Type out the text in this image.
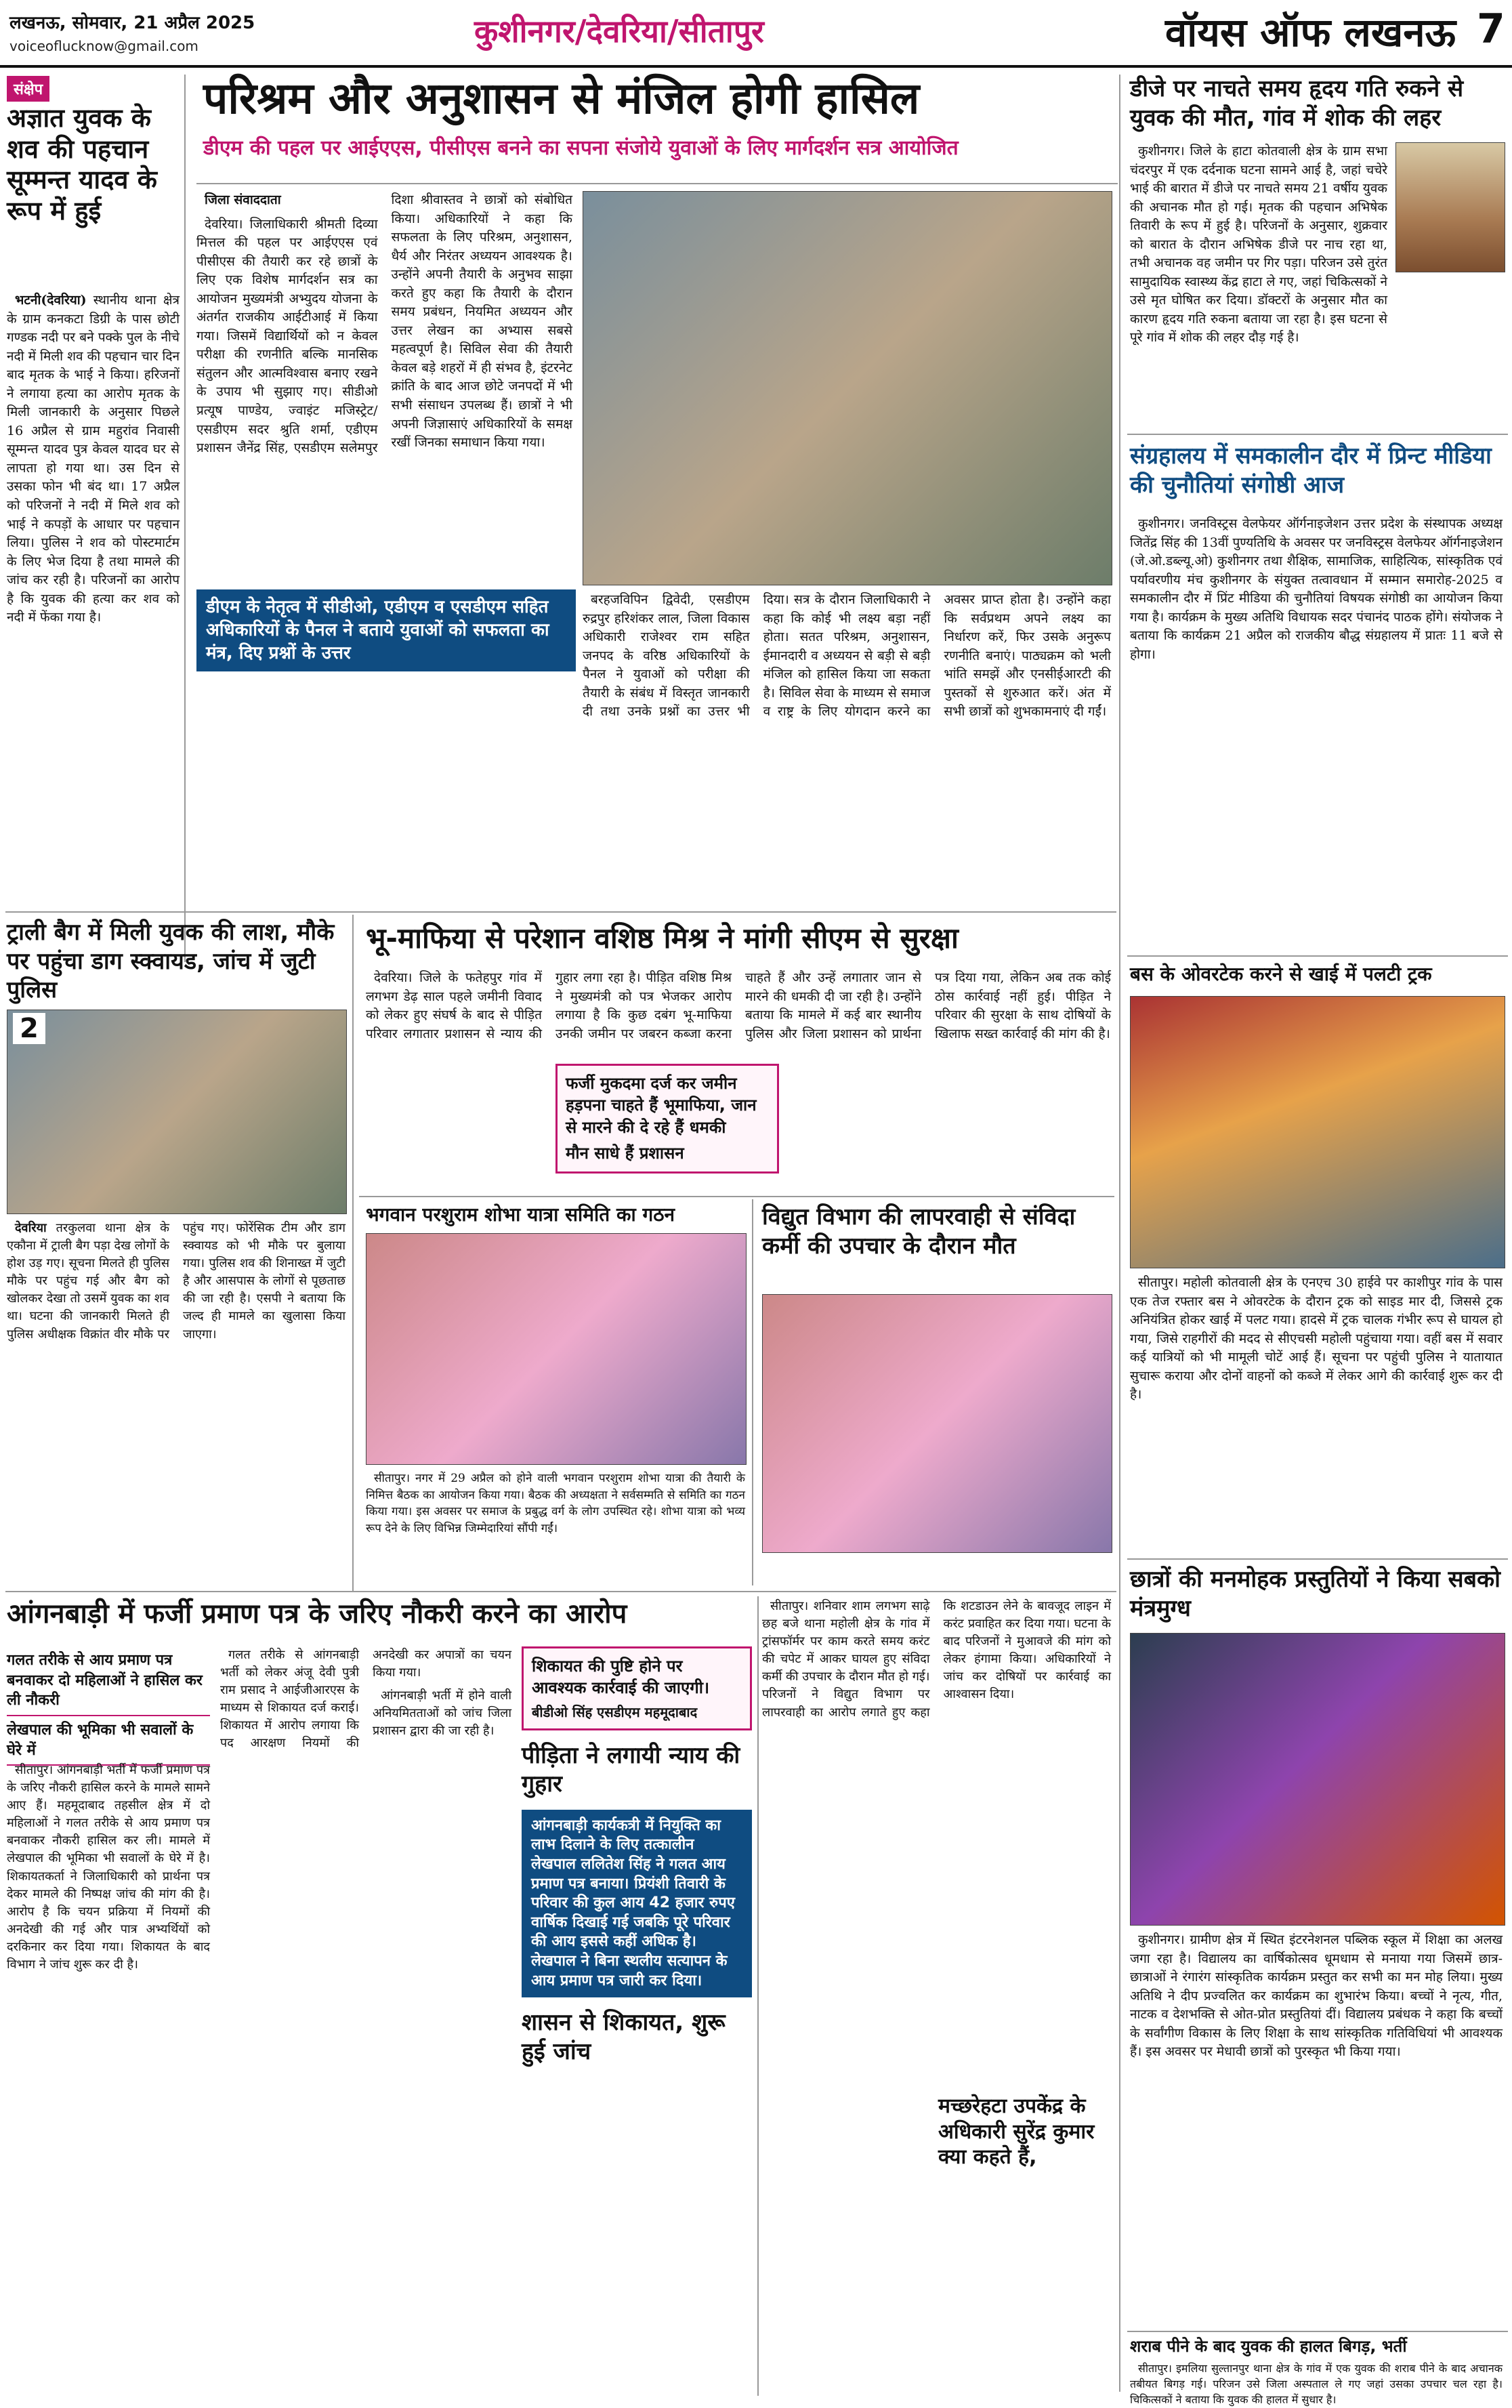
लखनऊ, सोमवार, 21 अप्रैल 2025
voiceoflucknow@gmail.com	कुशीनगर/देवरिया/सीतापुर	वॉयस ऑफ लखनऊ 7
संक्षेप
अज्ञात युवक के शव की पहचान सूम्मन्त यादव के रूप में हुई

भटनी(देवरिया) स्थानीय थाना क्षेत्र के ग्राम कनकटा डिग्री के पास छोटी गण्डक नदी पर बने पक्के पुल के नीचे नदी में मिली शव की पहचान चार दिन बाद मृतक के भाई ने किया। हरिजनों ने लगाया हत्या का आरोप मृतक के मिली जानकारी के अनुसार पिछले 16 अप्रैल से ग्राम महुरांव निवासी सूम्मन्त यादव पुत्र केवल यादव घर से लापता हो गया था। उस दिन से उसका फोन भी बंद था। 17 अप्रैल को परिजनों ने नदी में मिले शव को भाई ने कपड़ों के आधार पर पहचान लिया। पुलिस ने शव को पोस्टमार्टम के लिए भेज दिया है तथा मामले की जांच कर रही है। परिजनों का आरोप है कि युवक की हत्या कर शव को नदी में फेंका गया है।

परिश्रम और अनुशासन से मंजिल होगी हासिल
डीएम की पहल पर आईएएस, पीसीएस बनने का सपना संजोये युवाओं के लिए मार्गदर्शन सत्र आयोजित

जिला संवाददाता

देवरिया। जिलाधिकारी श्रीमती दिव्या मित्तल की पहल पर आईएएस एवं पीसीएस की तैयारी कर रहे छात्रों के लिए एक विशेष मार्गदर्शन सत्र का आयोजन मुख्यमंत्री अभ्युदय योजना के अंतर्गत राजकीय आईटीआई में किया गया। जिसमें विद्यार्थियों को न केवल परीक्षा की रणनीति बल्कि मानसिक संतुलन और आत्मविश्वास बनाए रखने के उपाय भी सुझाए गए। सीडीओ प्रत्यूष पाण्डेय, ज्वाइंट मजिस्ट्रेट/एसडीएम सदर श्रुति शर्मा, एडीएम प्रशासन जैनेंद्र सिंह, एसडीएम सलेमपुर दिशा श्रीवास्तव ने छात्रों को संबोधित किया। अधिकारियों ने कहा कि सफलता के लिए परिश्रम, अनुशासन, धैर्य और निरंतर अध्ययन आवश्यक है। उन्होंने अपनी तैयारी के अनुभव साझा करते हुए कहा कि तैयारी के दौरान समय प्रबंधन, नियमित अध्ययन और उत्तर लेखन का अभ्यास सबसे महत्वपूर्ण है। सिविल सेवा की तैयारी केवल बड़े शहरों में ही संभव है, इंटरनेट क्रांति के बाद आज छोटे जनपदों में भी सभी संसाधन उपलब्ध हैं। छात्रों ने भी अपनी जिज्ञासाएं अधिकारियों के समक्ष रखीं जिनका समाधान किया गया।

डीएम के नेतृत्व में सीडीओ, एडीएम व एसडीएम सहित अधिकारियों के पैनल ने बताये युवाओं को सफलता का मंत्र, दिए प्रश्नों के उत्तर

बरहजविपिन द्विवेदी, एसडीएम रुद्रपुर हरिशंकर लाल, जिला विकास अधिकारी राजेश्वर राम सहित जनपद के वरिष्ठ अधिकारियों के पैनल ने युवाओं को परीक्षा की तैयारी के संबंध में विस्तृत जानकारी दी तथा उनके प्रश्नों का उत्तर भी दिया। सत्र के दौरान जिलाधिकारी ने कहा कि कोई भी लक्ष्य बड़ा नहीं होता। सतत परिश्रम, अनुशासन, ईमानदारी व अध्ययन से बड़ी से बड़ी मंजिल को हासिल किया जा सकता है। सिविल सेवा के माध्यम से समाज व राष्ट्र के लिए योगदान करने का अवसर प्राप्त होता है। उन्होंने कहा कि सर्वप्रथम अपने लक्ष्य का निर्धारण करें, फिर उसके अनुरूप रणनीति बनाएं। पाठ्यक्रम को भली भांति समझें और एनसीईआरटी की पुस्तकों से शुरुआत करें। अंत में सभी छात्रों को शुभकामनाएं दी गईं।

डीजे पर नाचते समय हृदय गति रुकने से युवक की मौत, गांव में शोक की लहर

कुशीनगर। जिले के हाटा कोतवाली क्षेत्र के ग्राम सभा चंदरपुर में एक दर्दनाक घटना सामने आई है, जहां चचेरे भाई की बारात में डीजे पर नाचते समय 21 वर्षीय युवक की अचानक मौत हो गई। मृतक की पहचान अभिषेक तिवारी के रूप में हुई है। परिजनों के अनुसार, शुक्रवार को बारात के दौरान अभिषेक डीजे पर नाच रहा था, तभी अचानक वह जमीन पर गिर पड़ा। परिजन उसे तुरंत सामुदायिक स्वास्थ्य केंद्र हाटा ले गए, जहां चिकित्सकों ने उसे मृत घोषित कर दिया। डॉक्टरों के अनुसार मौत का कारण हृदय गति रुकना बताया जा रहा है। इस घटना से पूरे गांव में शोक की लहर दौड़ गई है।

संग्रहालय में समकालीन दौर में प्रिन्ट मीडिया की चुनौतियां संगोष्ठी आज

कुशीनगर। जनविस्ट्रस वेलफेयर ऑर्गनाइजेशन उत्तर प्रदेश के संस्थापक अध्यक्ष जितेंद्र सिंह की 13वीं पुण्यतिथि के अवसर पर जनविस्ट्रस वेलफेयर ऑर्गनाइजेशन (जे.ओ.डब्ल्यू.ओ) कुशीनगर तथा शैक्षिक, सामाजिक, साहित्यिक, सांस्कृतिक एवं पर्यावरणीय मंच कुशीनगर के संयुक्त तत्वावधान में सम्मान समारोह-2025 व समकालीन दौर में प्रिंट मीडिया की चुनौतियां विषयक संगोष्ठी का आयोजन किया गया है। कार्यक्रम के मुख्य अतिथि विधायक सदर पंचानंद पाठक होंगे। संयोजक ने बताया कि कार्यक्रम 21 अप्रैल को राजकीय बौद्ध संग्रहालय में प्रातः 11 बजे से होगा।

बस के ओवरटेक करने से खाई में पलटी ट्रक

सीतापुर। महोली कोतवाली क्षेत्र के एनएच 30 हाईवे पर काशीपुर गांव के पास एक तेज रफ्तार बस ने ओवरटेक के दौरान ट्रक को साइड मार दी, जिससे ट्रक अनियंत्रित होकर खाई में पलट गया। हादसे में ट्रक चालक गंभीर रूप से घायल हो गया, जिसे राहगीरों की मदद से सीएचसी महोली पहुंचाया गया। वहीं बस में सवार कई यात्रियों को भी मामूली चोटें आई हैं। सूचना पर पहुंची पुलिस ने यातायात सुचारू कराया और दोनों वाहनों को कब्जे में लेकर आगे की कार्रवाई शुरू कर दी है।

छात्रों की मनमोहक प्रस्तुतियों ने किया सबको मंत्रमुग्ध

कुशीनगर। ग्रामीण क्षेत्र में स्थित इंटरनेशनल पब्लिक स्कूल में शिक्षा का अलख जगा रहा है। विद्यालय का वार्षिकोत्सव धूमधाम से मनाया गया जिसमें छात्र-छात्राओं ने रंगारंग सांस्कृतिक कार्यक्रम प्रस्तुत कर सभी का मन मोह लिया। मुख्य अतिथि ने दीप प्रज्वलित कर कार्यक्रम का शुभारंभ किया। बच्चों ने नृत्य, गीत, नाटक व देशभक्ति से ओत-प्रोत प्रस्तुतियां दीं। विद्यालय प्रबंधक ने कहा कि बच्चों के सर्वांगीण विकास के लिए शिक्षा के साथ सांस्कृतिक गतिविधियां भी आवश्यक हैं। इस अवसर पर मेधावी छात्रों को पुरस्कृत भी किया गया।

शराब पीने के बाद युवक की हालत बिगड़, भर्ती

सीतापुर। इमलिया सुल्तानपुर थाना क्षेत्र के गांव में एक युवक की शराब पीने के बाद अचानक तबीयत बिगड़ गई। परिजन उसे जिला अस्पताल ले गए जहां उसका उपचार चल रहा है। चिकित्सकों ने बताया कि युवक की हालत में सुधार है।

ट्राली बैग में मिली युवक की लाश, मौके पर पहुंचा डाग स्क्वायड, जांच में जुटी पुलिस
2

देवरिया तरकुलवा थाना क्षेत्र के एकौना में ट्राली बैग पड़ा देख लोगों के होश उड़ गए। सूचना मिलते ही पुलिस मौके पर पहुंच गई और बैग को खोलकर देखा तो उसमें युवक का शव था। घटना की जानकारी मिलते ही पुलिस अधीक्षक विक्रांत वीर मौके पर पहुंच गए। फोरेंसिक टीम और डाग स्क्वायड को भी मौके पर बुलाया गया। पुलिस शव की शिनाख्त में जुटी है और आसपास के लोगों से पूछताछ की जा रही है। एसपी ने बताया कि जल्द ही मामले का खुलासा किया जाएगा।

भू-माफिया से परेशान वशिष्ठ मिश्र ने मांगी सीएम से सुरक्षा

देवरिया। जिले के फतेहपुर गांव में लगभग डेढ़ साल पहले जमीनी विवाद को लेकर हुए संघर्ष के बाद से पीड़ित परिवार लगातार प्रशासन से न्याय की गुहार लगा रहा है। पीड़ित वशिष्ठ मिश्र ने मुख्यमंत्री को पत्र भेजकर आरोप लगाया है कि कुछ दबंग भू-माफिया उनकी जमीन पर जबरन कब्जा करना चाहते हैं और उन्हें लगातार जान से मारने की धमकी दी जा रही है। उन्होंने बताया कि मामले में कई बार स्थानीय पुलिस और जिला प्रशासन को प्रार्थना पत्र दिया गया, लेकिन अब तक कोई ठोस कार्रवाई नहीं हुई। पीड़ित ने परिवार की सुरक्षा के साथ दोषियों के खिलाफ सख्त कार्रवाई की मांग की है।

फर्जी मुकदमा दर्ज कर जमीन हड़पना चाहते हैं भूमाफिया, जान से मारने की दे रहे हैं धमकी
मौन साधे हैं प्रशासन
भगवान परशुराम शोभा यात्रा समिति का गठन

सीतापुर। नगर में 29 अप्रैल को होने वाली भगवान परशुराम शोभा यात्रा की तैयारी के निमित्त बैठक का आयोजन किया गया। बैठक की अध्यक्षता ने सर्वसम्मति से समिति का गठन किया गया। इस अवसर पर समाज के प्रबुद्ध वर्ग के लोग उपस्थित रहे। शोभा यात्रा को भव्य रूप देने के लिए विभिन्न जिम्मेदारियां सौंपी गईं।

विद्युत विभाग की लापरवाही से संविदा कर्मी की उपचार के दौरान मौत
आंगनबाड़ी में फर्जी प्रमाण पत्र के जरिए नौकरी करने का आरोप
गलत तरीके से आय प्रमाण पत्र बनवाकर दो महिलाओं ने हासिल कर ली नौकरी
लेखपाल की भूमिका भी सवालों के घेरे में

सीतापुर। आंगनबाड़ी भर्ती में फर्जी प्रमाण पत्र के जरिए नौकरी हासिल करने के मामले सामने आए हैं। महमूदाबाद तहसील क्षेत्र में दो महिलाओं ने गलत तरीके से आय प्रमाण पत्र बनवाकर नौकरी हासिल कर ली। मामले में लेखपाल की भूमिका भी सवालों के घेरे में है। शिकायतकर्ता ने जिलाधिकारी को प्रार्थना पत्र देकर मामले की निष्पक्ष जांच की मांग की है। आरोप है कि चयन प्रक्रिया में नियमों की अनदेखी की गई और पात्र अभ्यर्थियों को दरकिनार कर दिया गया। शिकायत के बाद विभाग ने जांच शुरू कर दी है।

गलत तरीके से आंगनबाड़ी भर्ती को लेकर अंजू देवी पुत्री राम प्रसाद ने आईजीआरएस के माध्यम से शिकायत दर्ज कराई। शिकायत में आरोप लगाया कि पद आरक्षण नियमों की अनदेखी कर अपात्रों का चयन किया गया।

आंगनबाड़ी भर्ती में होने वाली अनियमितताओं को जांच जिला प्रशासन द्वारा की जा रही है।

शिकायत की पुष्टि होने पर आवश्यक कार्रवाई की जाएगी।
बीडीओ सिंह एसडीएम महमूदाबाद
पीड़िता ने लगायी न्याय की गुहार
आंगनबाड़ी कार्यकत्री में नियुक्ति का लाभ दिलाने के लिए तत्कालीन लेखपाल ललितेश सिंह ने गलत आय प्रमाण पत्र बनाया। प्रियंशी तिवारी के परिवार की कुल आय 42 हजार रुपए वार्षिक दिखाई गई जबकि पूरे परिवार की आय इससे कहीं अधिक है। लेखपाल ने बिना स्थलीय सत्यापन के आय प्रमाण पत्र जारी कर दिया।
शासन से शिकायत, शुरू हुई जांच

सीतापुर। शनिवार शाम लगभग साढ़े छह बजे थाना महोली क्षेत्र के गांव में ट्रांसफॉर्मर पर काम करते समय करंट की चपेट में आकर घायल हुए संविदा कर्मी की उपचार के दौरान मौत हो गई। परिजनों ने विद्युत विभाग पर लापरवाही का आरोप लगाते हुए कहा कि शटडाउन लेने के बावजूद लाइन में करंट प्रवाहित कर दिया गया। घटना के बाद परिजनों ने मुआवजे की मांग को लेकर हंगामा किया। अधिकारियों ने जांच कर दोषियों पर कार्रवाई का आश्वासन दिया।

मच्छरेहटा उपकेंद्र के अधिकारी सुरेंद्र कुमार क्या कहते हैं,
